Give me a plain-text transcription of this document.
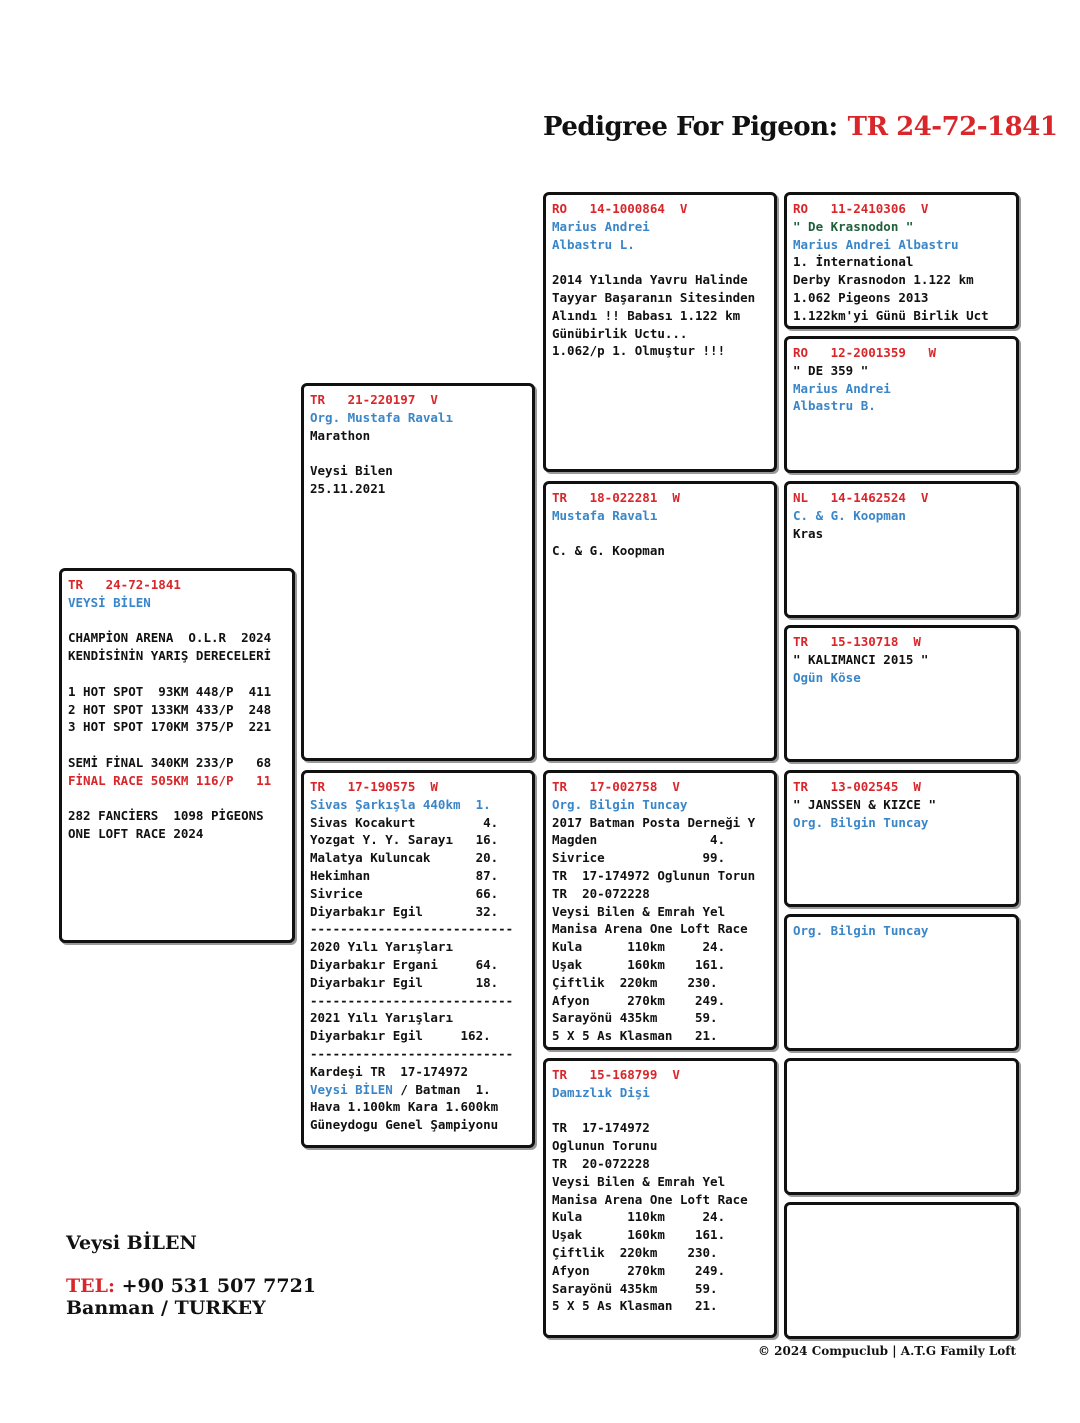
Pedigree For Pigeon: TR 24-72-1841
TR   24-72-1841
VEYSİ BİLEN
CHAMPİON ARENA  O.L.R  2024
KENDİSİNİN YARIŞ DERECELERİ
1 HOT SPOT  93KM 448/P  411
2 HOT SPOT 133KM 433/P  248
3 HOT SPOT 170KM 375/P  221
SEMİ FİNAL 340KM 233/P   68
FİNAL RACE 505KM 116/P   11
282 FANCİERS  1098 PİGEONS
ONE LOFT RACE 2024
TR   21-220197  V
Org. Mustafa Ravalı
Marathon
Veysi Bilen
25.11.2021
TR   17-190575  W
Sivas Şarkışla 440km  1.
Sivas Kocakurt         4.
Yozgat Y. Y. Sarayı   16.
Malatya Kuluncak      20.
Hekimhan              87.
Sivrice               66.
Diyarbakır Egil       32.
---------------------------
2020 Yılı Yarışları
Diyarbakır Ergani     64.
Diyarbakır Egil       18.
---------------------------
2021 Yılı Yarışları
Diyarbakır Egil     162.
---------------------------
Kardeşi TR  17-174972
Veysi BİLEN / Batman  1.
Hava 1.100km Kara 1.600km
Güneydogu Genel Şampiyonu
RO   14-1000864  V
Marius Andrei
Albastru L.
2014 Yılında Yavru Halinde
Tayyar Başaranın Sitesinden
Alındı !! Babası 1.122 km
Günübirlik Uctu...
1.062/p 1. Olmuştur !!!
TR   18-022281  W
Mustafa Ravalı
C. & G. Koopman
TR   17-002758  V
Org. Bilgin Tuncay
2017 Batman Posta Derneği Y
Magden               4.
Sivrice             99.
TR  17-174972 Oglunun Torun
TR  20-072228
Veysi Bilen & Emrah Yel
Manisa Arena One Loft Race
Kula      110km     24.
Uşak      160km    161.
Çiftlik  220km    230.
Afyon     270km    249.
Sarayönü 435km     59.
5 X 5 As Klasman   21.
TR   15-168799  V
Damızlık Dişi
TR  17-174972
Oglunun Torunu
TR  20-072228
Veysi Bilen & Emrah Yel
Manisa Arena One Loft Race
Kula      110km     24.
Uşak      160km    161.
Çiftlik  220km    230.
Afyon     270km    249.
Sarayönü 435km     59.
5 X 5 As Klasman   21.
RO   11-2410306  V
" De Krasnodon "
Marius Andrei Albastru
1. İnternational
Derby Krasnodon 1.122 km
1.062 Pigeons 2013
1.122km'yi Günü Birlik Uct
RO   12-2001359   W
" DE 359 "
Marius Andrei
Albastru B.
NL   14-1462524  V
C. & G. Koopman
Kras
TR   15-130718  W
" KALIMANCI 2015 "
Ogün Köse
TR   13-002545  W
" JANSSEN & KIZCE "
Org. Bilgin Tuncay
Org. Bilgin Tuncay
Veysi BİLEN
TEL: +90 531 507 7721
Banman / TURKEY
© 2024 Compuclub | A.T.G Family Loft
